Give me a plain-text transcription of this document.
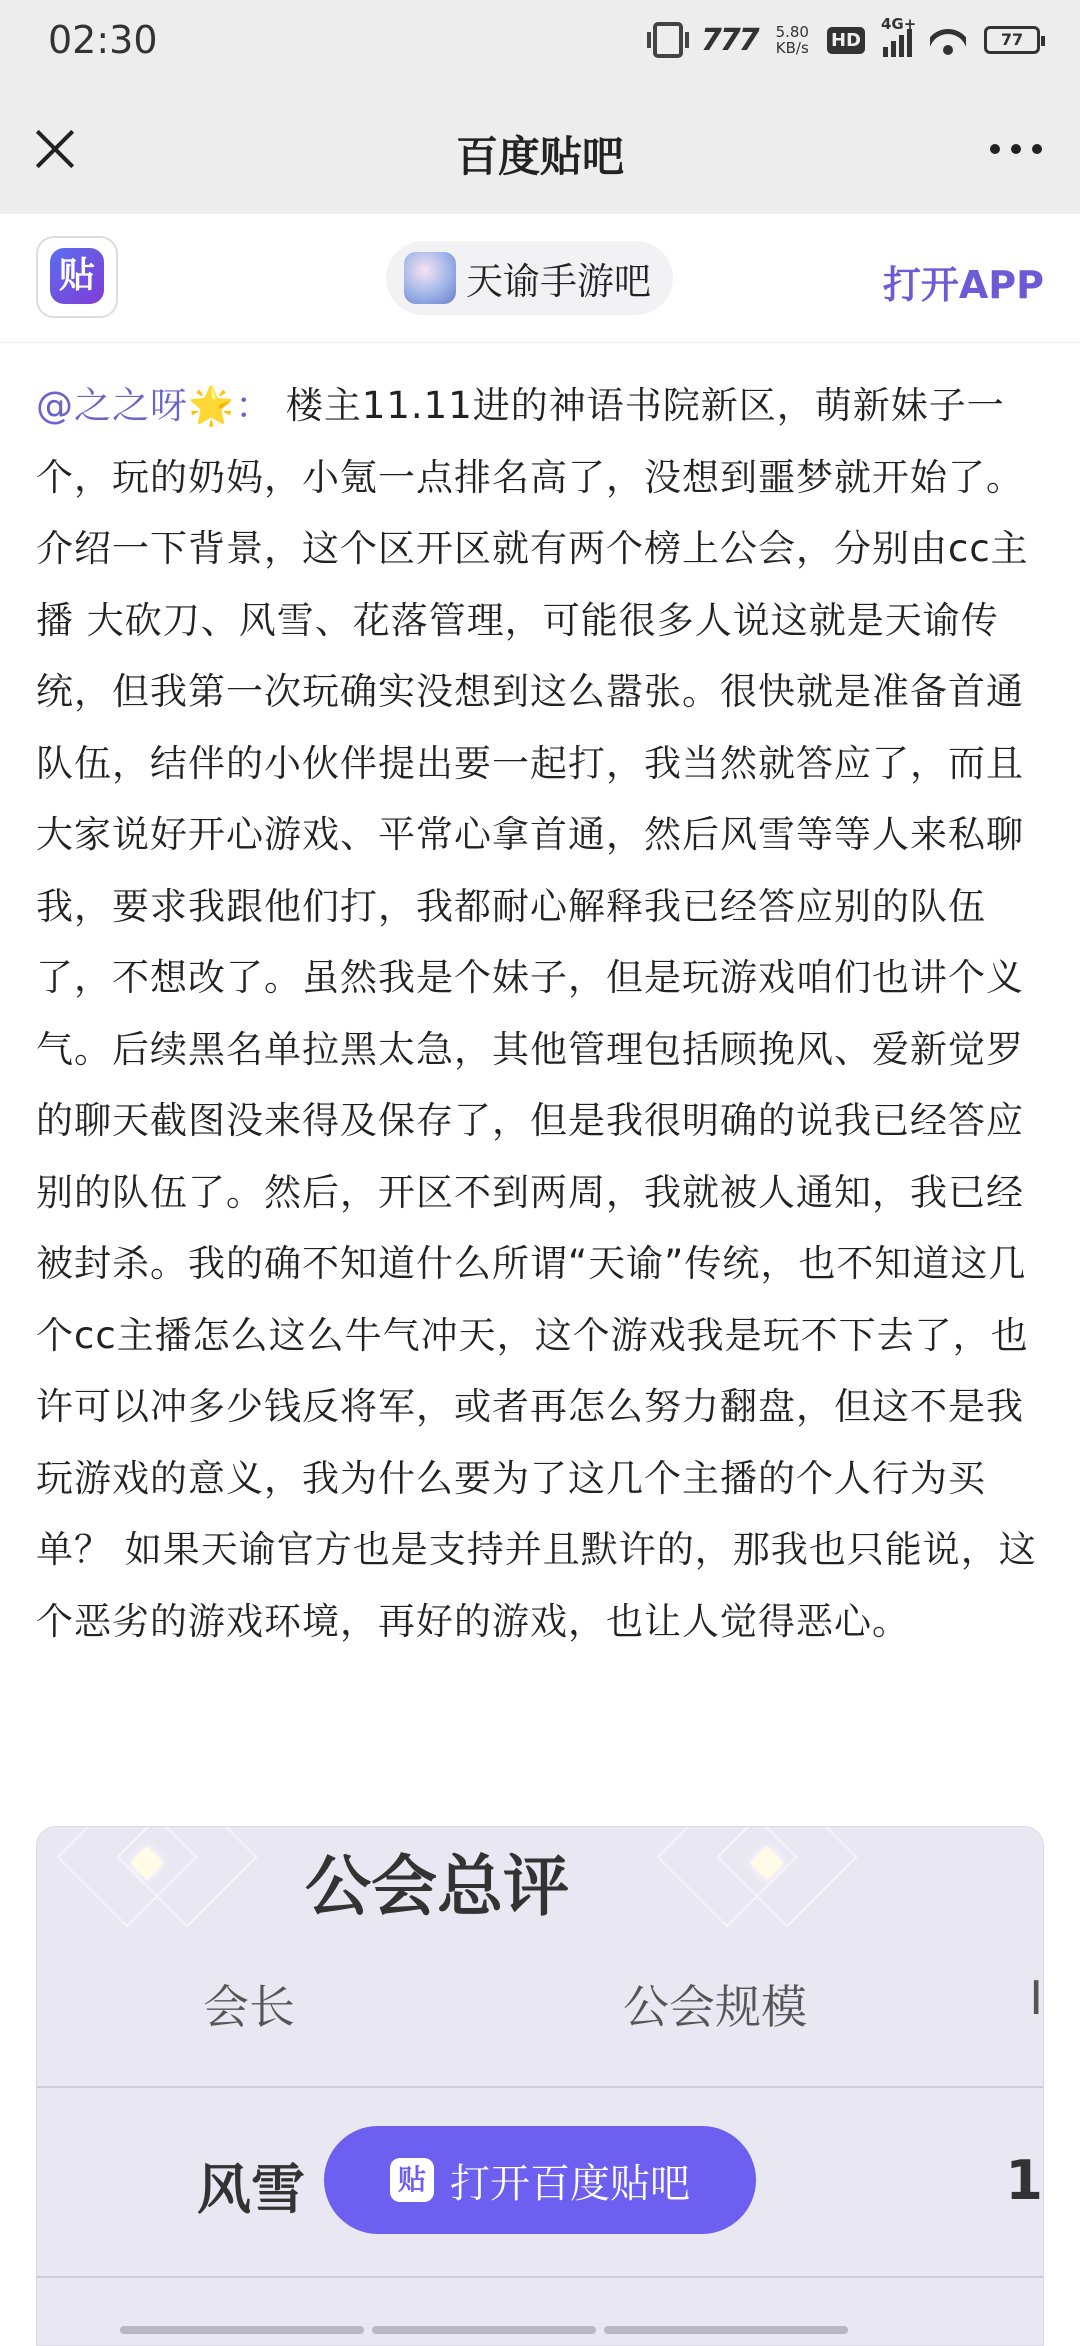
02:30	777 5.80
KB/s HD
4G+
77
百度贴吧
贴	天谕手游吧	打开APP
@之之呀🌟： 楼主11.11进的神语书院新区，萌新妹子一个，玩的奶妈，小氪一点排名高了，没想到噩梦就开始了。介绍一下背景，这个区开区就有两个榜上公会，分别由cc主播 大砍刀、风雪、花落管理，可能很多人说这就是天谕传统，但我第一次玩确实没想到这么嚣张。很快就是准备首通队伍，结伴的小伙伴提出要一起打，我当然就答应了，而且大家说好开心游戏、平常心拿首通，然后风雪等等人来私聊我，要求我跟他们打，我都耐心解释我已经答应别的队伍了，不想改了。虽然我是个妹子，但是玩游戏咱们也讲个义气。后续黑名单拉黑太急，其他管理包括顾挽风、爱新觉罗的聊天截图没来得及保存了，但是我很明确的说我已经答应别的队伍了。然后，开区不到两周，我就被人通知，我已经被封杀。我的确不知道什么所谓“天谕”传统，也不知道这几个cc主播怎么这么牛气冲天，这个游戏我是玩不下去了，也许可以冲多少钱反将军，或者再怎么努力翻盘，但这不是我玩游戏的意义，我为什么要为了这几个主播的个人行为买单？ 如果天谕官方也是支持并且默许的，那我也只能说，这个恶劣的游戏环境，再好的游戏，也让人觉得恶心。
公会总评
会长	公会规模	I
风雪	1
贴 打开百度贴吧
